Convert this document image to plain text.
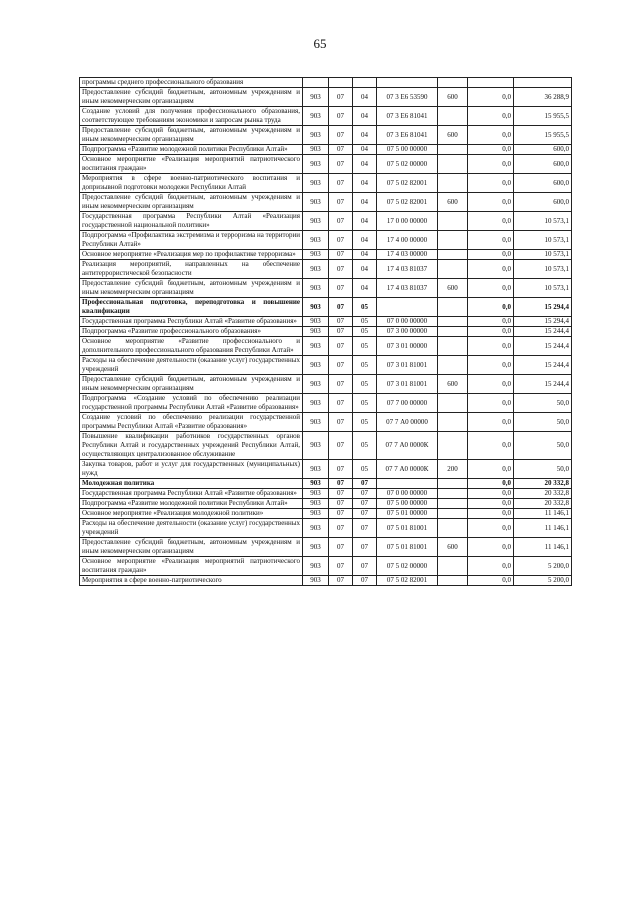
65
программы среднего профессионального образования							
Предоставление субсидий бюджетным, автономным учреждениям и иным некоммерческим организациям	903	07	04	07 3 Е6 53590	600	0,0	36 288,9
Создание условий для получения профессионального образования, соответствующее требованиям экономики и запросам рынка труда	903	07	04	07 3 Е6 81041		0,0	15 955,5
Предоставление субсидий бюджетным, автономным учреждениям и иным некоммерческим организациям	903	07	04	07 3 Е6 81041	600	0,0	15 955,5
Подпрограмма «Развитие молодежной политики Республики Алтай»	903	07	04	07 5 00 00000		0,0	600,0
Основное мероприятие «Реализация мероприятий патриотического воспитания граждан»	903	07	04	07 5 02 00000		0,0	600,0
Мероприятия в сфере военно-патриотического воспитания и допризывной подготовки молодежи Республики Алтай	903	07	04	07 5 02 82001		0,0	600,0
Предоставление субсидий бюджетным, автономным учреждениям и иным некоммерческим организациям	903	07	04	07 5 02 82001	600	0,0	600,0
Государственная программа Республики Алтай «Реализация государственной национальной политики»	903	07	04	17 0 00 00000		0,0	10 573,1
Подпрограмма «Профилактика экстремизма и терроризма на территории Республики Алтай»	903	07	04	17 4 00 00000		0,0	10 573,1
Основное мероприятие «Реализация мер по профилактике терроризма»	903	07	04	17 4 03 00000		0,0	10 573,1
Реализация мероприятий, направленных на обеспечение антитеррористической безопасности	903	07	04	17 4 03 81037		0,0	10 573,1
Предоставление субсидий бюджетным, автономным учреждениям и иным некоммерческим организациям	903	07	04	17 4 03 81037	600	0,0	10 573,1
Профессиональная подготовка, переподготовка и повышение квалификации	903	07	05			0,0	15 294,4
Государственная программа Республики Алтай «Развитие образования»	903	07	05	07 0 00 00000		0,0	15 294,4
Подпрограмма «Развитие профессионального образования»	903	07	05	07 3 00 00000		0,0	15 244,4
Основное мероприятие «Развитие профессионального и дополнительного профессионального образования Республики Алтай»	903	07	05	07 3 01 00000		0,0	15 244,4
Расходы на обеспечение деятельности (оказание услуг) государственных учреждений	903	07	05	07 3 01 81001		0,0	15 244,4
Предоставление субсидий бюджетным, автономным учреждениям и иным некоммерческим организациям	903	07	05	07 3 01 81001	600	0,0	15 244,4
Подпрограмма «Создание условий по обеспечению реализации государственной программы Республики Алтай «Развитие образования»	903	07	05	07 7 00 00000		0,0	50,0
Создание условий по обеспечению реализации государственной программы Республики Алтай «Развитие образования»	903	07	05	07 7 А0 00000		0,0	50,0
Повышение квалификации работников государственных органов Республики Алтай и государственных учреждений Республики Алтай, осуществляющих централизованное обслуживание	903	07	05	07 7 А0 0000К		0,0	50,0
Закупка товаров, работ и услуг для государственных (муниципальных) нужд	903	07	05	07 7 А0 0000К	200	0,0	50,0
Молодежная политика	903	07	07			0,0	20 332,8
Государственная программа Республики Алтай «Развитие образования»	903	07	07	07 0 00 00000		0,0	20 332,8
Подпрограмма «Развитие молодежной политики Республики Алтай»	903	07	07	07 5 00 00000		0,0	20 332,8
Основное мероприятие «Реализация молодежной политики»	903	07	07	07 5 01 00000		0,0	11 146,1
Расходы на обеспечение деятельности (оказание услуг) государственных учреждений	903	07	07	07 5 01 81001		0,0	11 146,1
Предоставление субсидий бюджетным, автономным учреждениям и иным некоммерческим организациям	903	07	07	07 5 01 81001	600	0,0	11 146,1
Основное мероприятие «Реализация мероприятий патриотического воспитания граждан»	903	07	07	07 5 02 00000		0,0	5 200,0
Мероприятия в сфере военно-патриотического	903	07	07	07 5 02 82001		0,0	5 200,0
